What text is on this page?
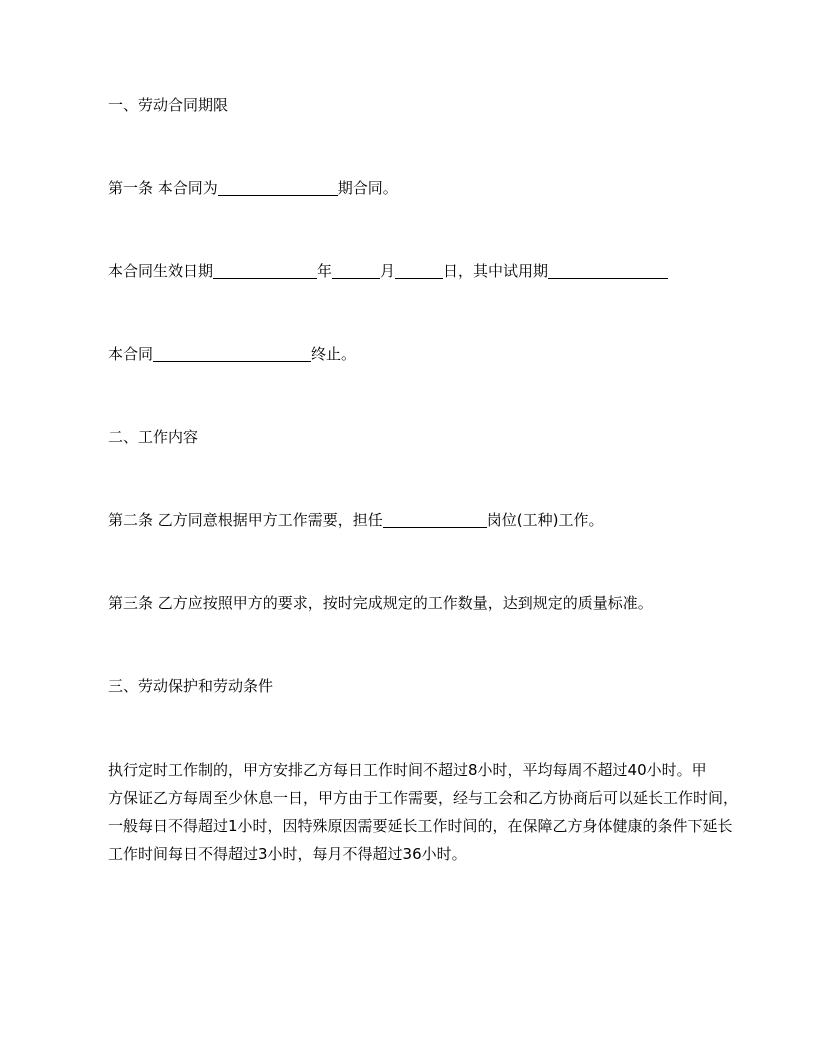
一、劳动合同期限
第一条 本合同为	期合同。
本合同生效日期	年	月	日，其中试用期
本合同	终止。
二、工作内容
第二条 乙方同意根据甲方工作需要，担任	岗位(工种)工作。
第三条 乙方应按照甲方的要求，按时完成规定的工作数量，达到规定的质量标准。
三、劳动保护和劳动条件
执行定时工作制的，甲方安排乙方每日工作时间不超过8小时，平均每周不超过40小时。甲
方保证乙方每周至少休息一日，甲方由于工作需要，经与工会和乙方协商后可以延长工作时间，
一般每日不得超过1小时，因特殊原因需要延长工作时间的，在保障乙方身体健康的条件下延长
工作时间每日不得超过3小时，每月不得超过36小时。
